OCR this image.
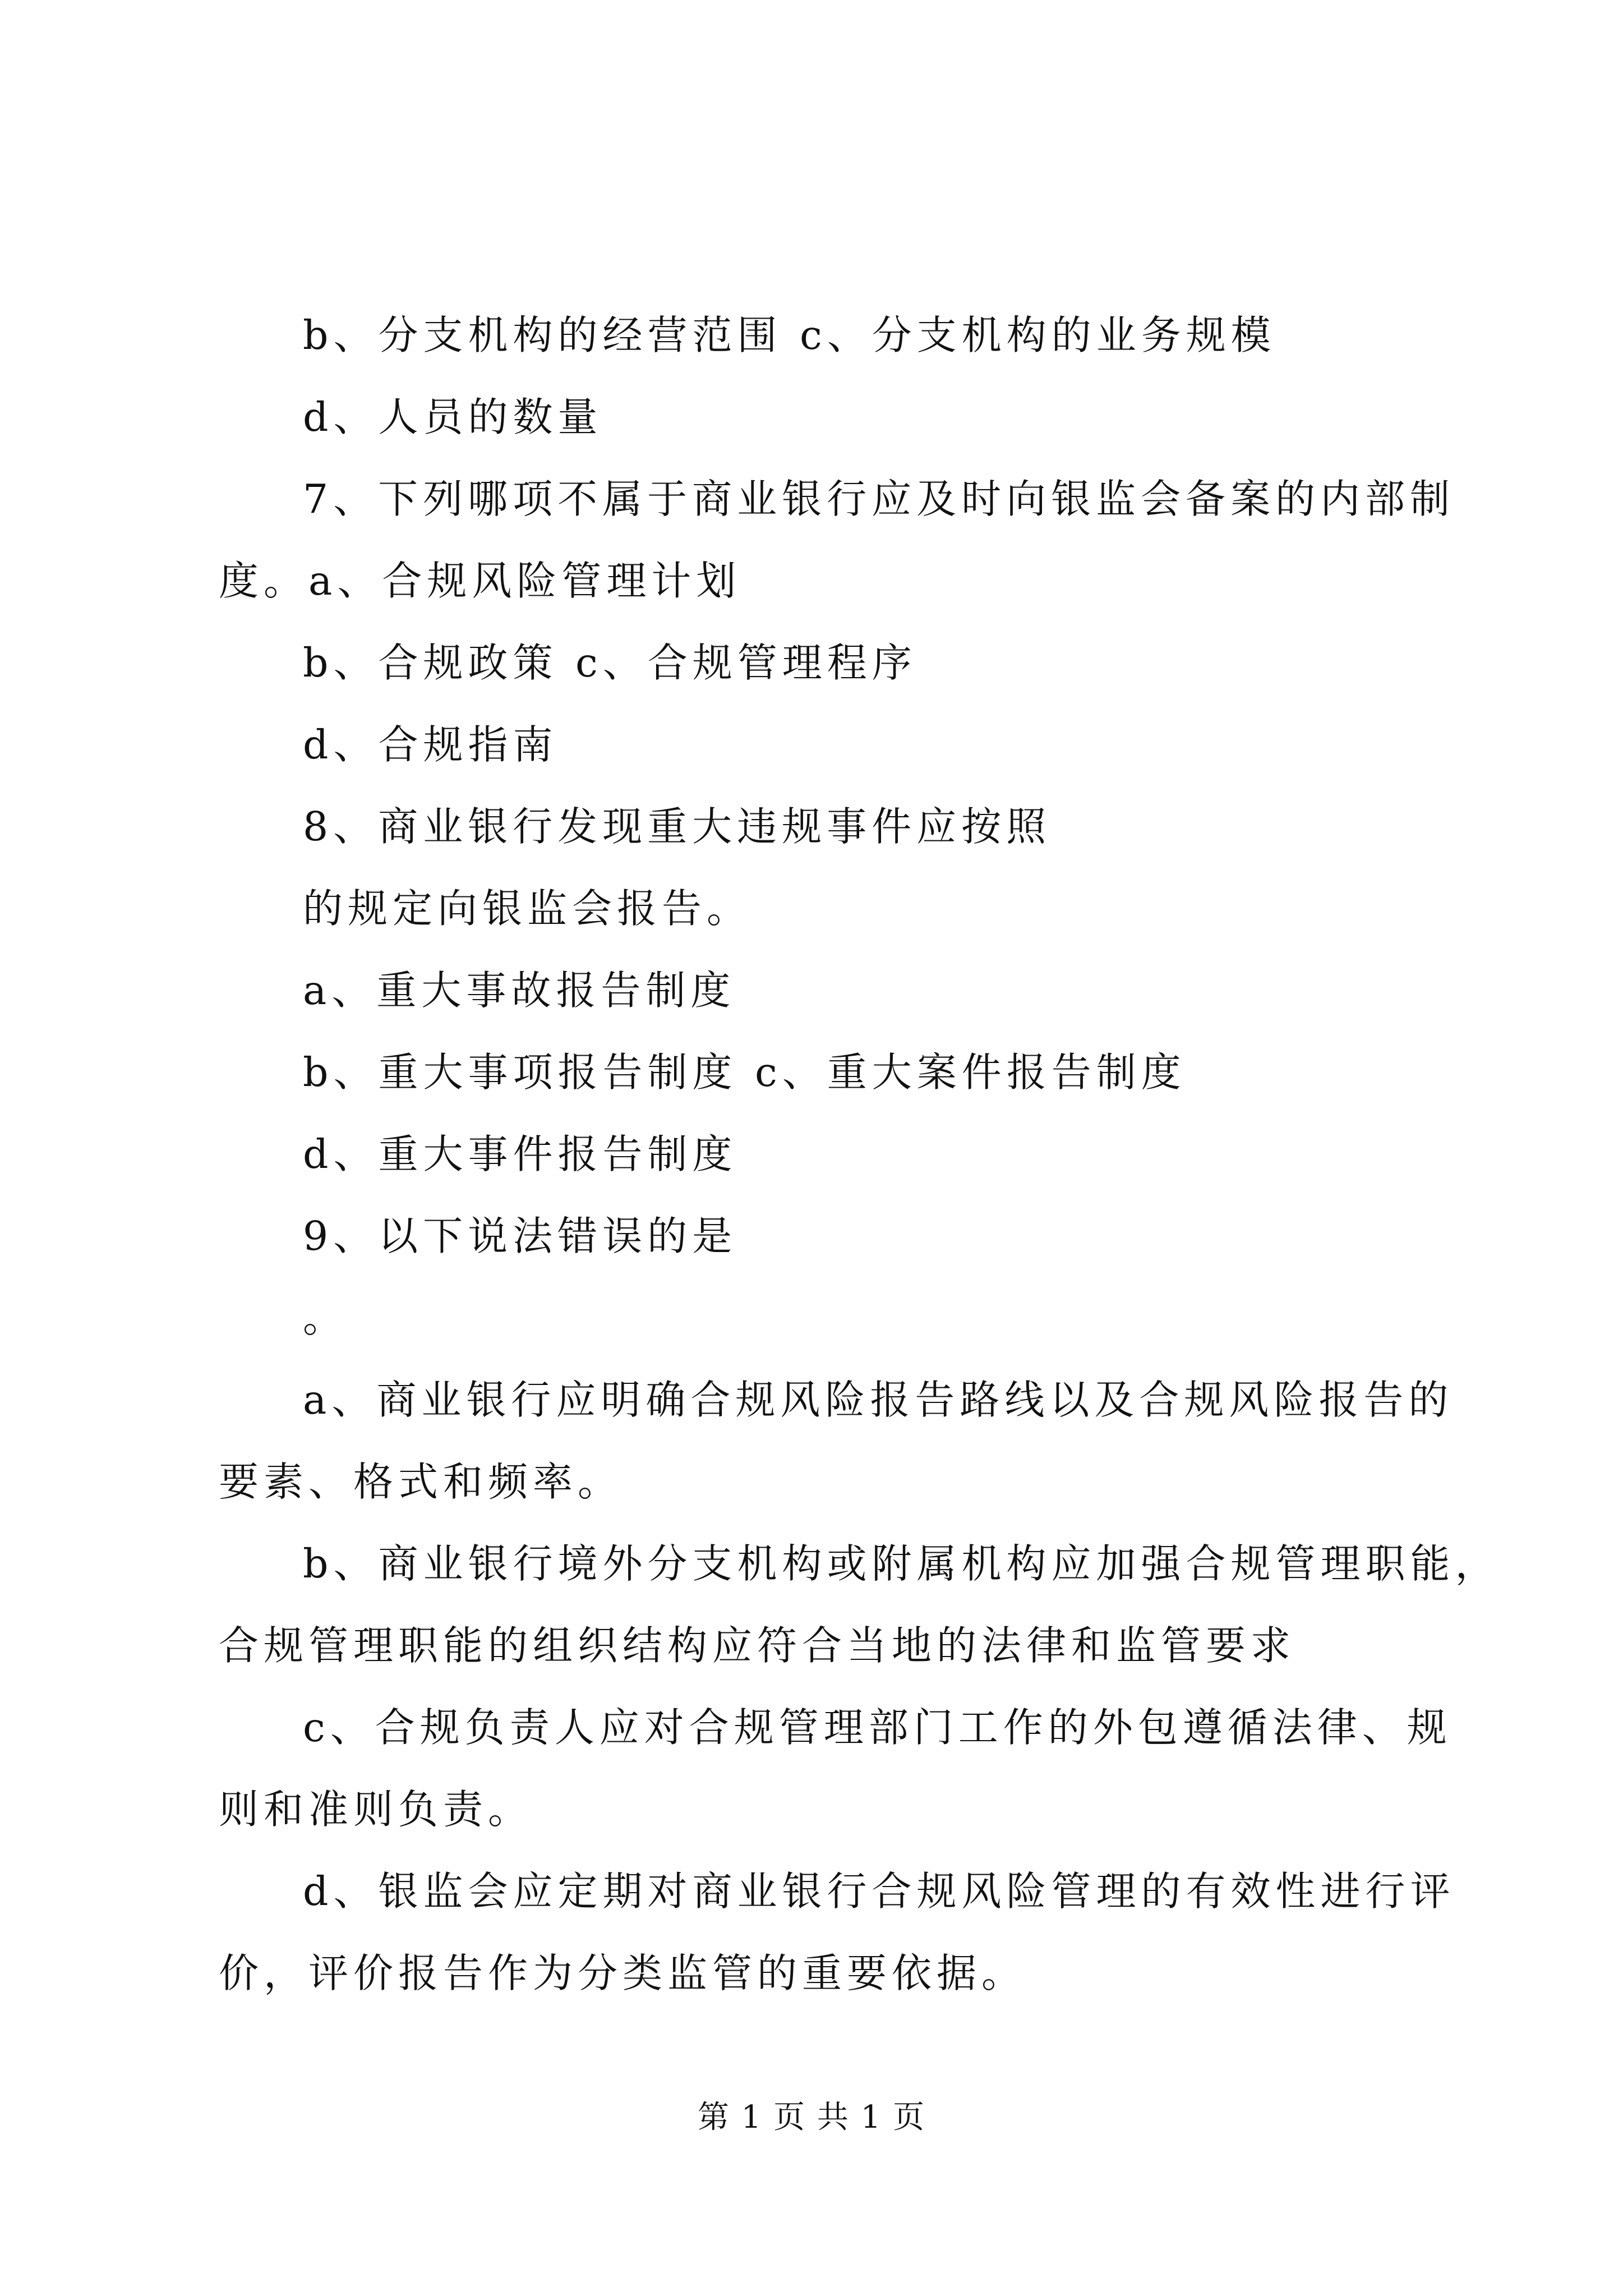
b、分支机构的经营范围 c、分支机构的业务规模
d、人员的数量
7、下列哪项不属于商业银行应及时向银监会备案的内部制
度。a、合规风险管理计划
b、合规政策 c、合规管理程序
d、合规指南
8、商业银行发现重大违规事件应按照
的规定向银监会报告。
a、重大事故报告制度
b、重大事项报告制度 c、重大案件报告制度
d、重大事件报告制度
9、以下说法错误的是
。
a、商业银行应明确合规风险报告路线以及合规风险报告的
要素、格式和频率。
b、商业银行境外分支机构或附属机构应加强合规管理职能，
合规管理职能的组织结构应符合当地的法律和监管要求
c、合规负责人应对合规管理部门工作的外包遵循法律、规
则和准则负责。
d、银监会应定期对商业银行合规风险管理的有效性进行评
价，评价报告作为分类监管的重要依据。
第 1 页 共 1 页
